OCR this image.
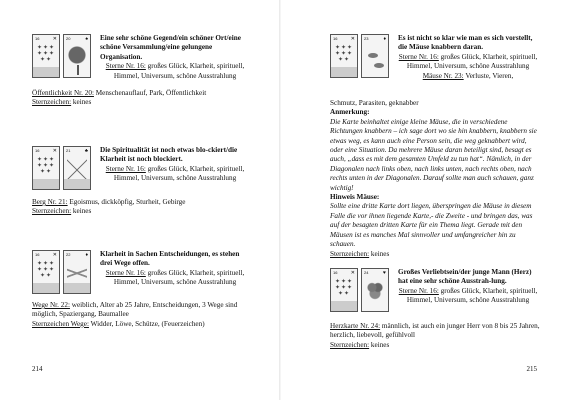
16	✕
✦✦✦
✦✦✦
✦✦
20	♠ Eine sehr schöne Gegend/ein schöner Ort/eine schöne Versammlung/eine gelungene Organisation.
Sterne Nr. 16: großes Glück, Klarheit, spirituell, Himmel, Universum, schöne Ausstrahlung
Öffentlichkeit Nr. 20: Menschenauflauf, Park, Öffentlichkeit
Sternzeichen: keines
16	✕
✦✦✦
✦✦✦
✦✦
21	♣ Die Spiritualität ist noch etwas blo-ckiert/die Klarheit ist noch blockiert.
Sterne Nr. 16: großes Glück, Klarheit, spirituell, Himmel, Universum, schöne Ausstrahlung
Berg Nr. 21: Egoismus, dickköpfig, Sturheit, Gebirge
Sternzeichen: keines
16	✕
✦✦✦
✦✦✦
✦✦
22	♦ Klarheit in Sachen Entscheidungen, es stehen drei Wege offen.
Sterne Nr. 16: großes Glück, Klarheit, spirituell, Himmel, Universum, schöne Ausstrahlung
Wege Nr. 22: weiblich, Alter ab 25 Jahre, Entscheidungen, 3 Wege sind möglich, Spaziergang, Baumallee
Sternzeichen Wege: Widder, Löwe, Schütze, (Feuerzeichen)
214
16	✕
✦✦✦
✦✦✦
✦✦
23	♦ Es ist nicht so klar wie man es sich vorstellt, die Mäuse knabbern daran.
Sterne Nr. 16: großes Glück, Klarheit, spirituell, Himmel, Universum, schöne Ausstrahlung
Mäuse Nr. 23: Verluste, Vieren,
Schmutz, Parasiten, geknabber
Anmerkung:
Die Karte beinhaltet einige kleine Mäuse, die in verschiedene Richtungen knabbern – ich sage dort wo sie hin knabbern, knabbern sie etwas weg, es kann auch eine Person sein, die weg geknabbert wird, oder eine Situation. Da mehrere Mäuse daran beteiligt sind, besagt es auch, „dass es mit dem gesamten Umfeld zu tun hat“. Nämlich, in der Diagonalen nach links oben, nach links unten, nach rechts oben, nach rechts unten in der Diagonalen. Darauf sollte man auch schauen, ganz wichtig!
Hinweis Mäuse:
Sollte eine dritte Karte dort liegen, überspringen die Mäuse in diesem Falle die vor ihnen liegende Karte,- die Zweite - und bringen das, was auf der besagten dritten Karte für ein Thema liegt. Gerade mit den Mäusen ist es manches Mal sinnvoller und umfangreicher hin zu schauen.
Sternzeichen: keines
16	✕
✦✦✦
✦✦✦
✦✦
24	♥ Großes Verliebtsein/der junge Mann (Herz) hat eine sehr schöne Ausstrah-lung.
Sterne Nr. 16: großes Glück, Klarheit, spirituell, Himmel, Universum, schöne Ausstrahlung
Herzkarte Nr. 24: männlich, ist auch ein junger Herr von 8 bis 25 Jahren, herzlich, liebevoll, gefühlvoll
Sternzeichen: keines
215
